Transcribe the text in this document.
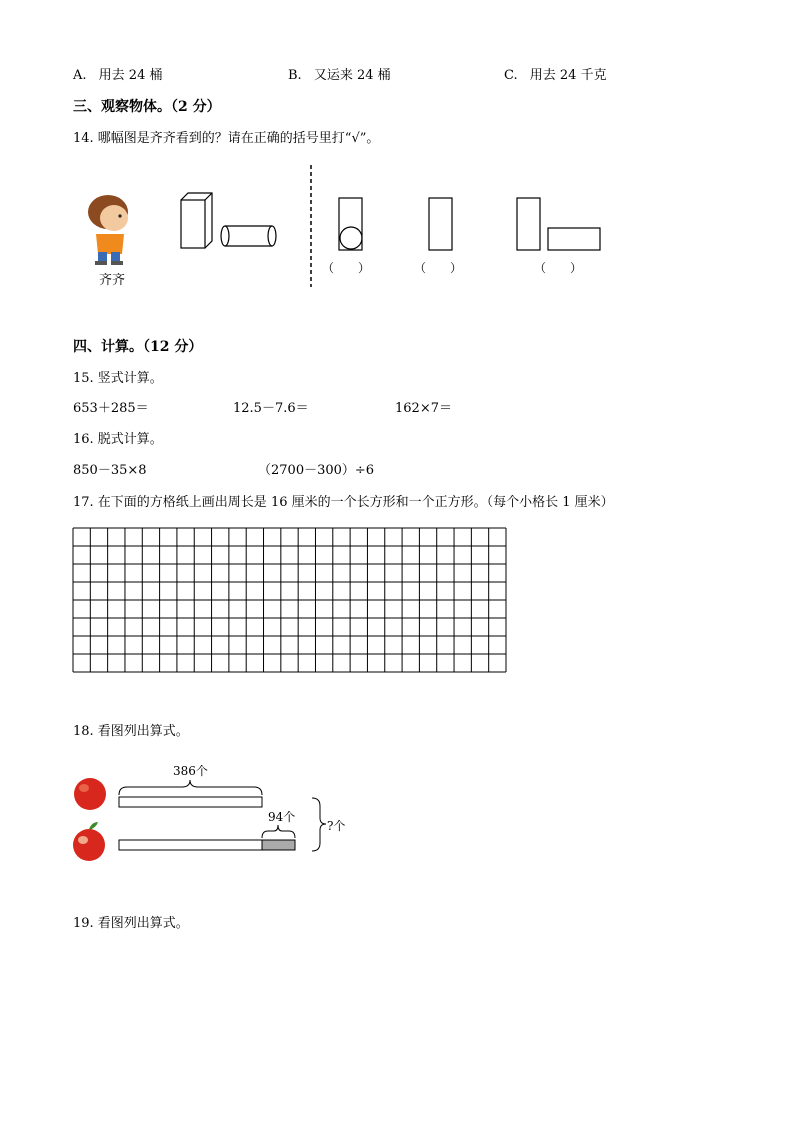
A. 用去 24 桶	B. 又运来 24 桶	C. 用去 24 千克
三、观察物体。（2 分）
14. 哪幅图是齐齐看到的？请在正确的括号里打“√”。
齐齐
（　　）	（　　）	（　　）
四、计算。（12 分）
15. 竖式计算。
653＋285＝	12.5－7.6＝	162×7＝
16. 脱式计算。
850－35×8	（2700－300）÷6
17. 在下面的方格纸上画出周长是 16 厘米的一个长方形和一个正方形。（每个小格长 1 厘米）
18. 看图列出算式。
386个
94个
?个
19. 看图列出算式。
